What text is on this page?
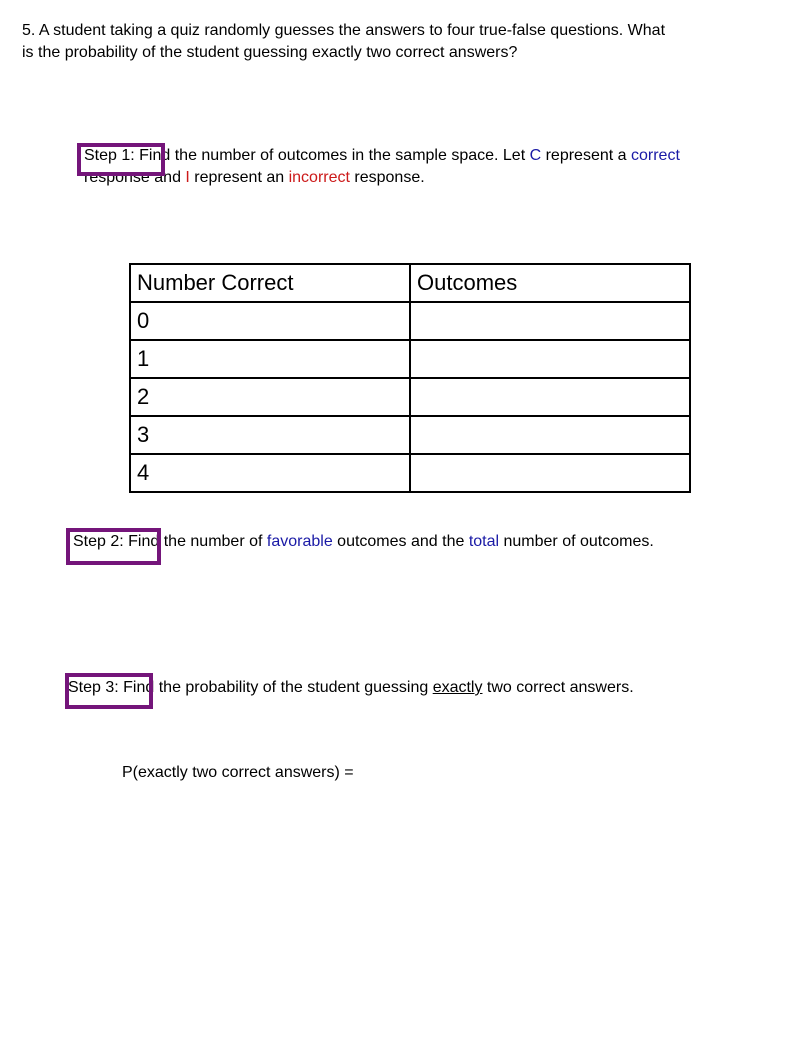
5. A student taking a quiz randomly guesses the answers to four true-false questions. What
is the probability of the student guessing exactly two correct answers?
Step 1: Find the number of outcomes in the sample space. Let C represent a correct
response and I represent an incorrect response.
Number Correct	Outcomes
0	
1	
2	
3	
4	
Step 2: Find the number of favorable outcomes and the total number of outcomes.
Step 3: Find the probability of the student guessing exactly two correct answers.
P(exactly two correct answers) =
